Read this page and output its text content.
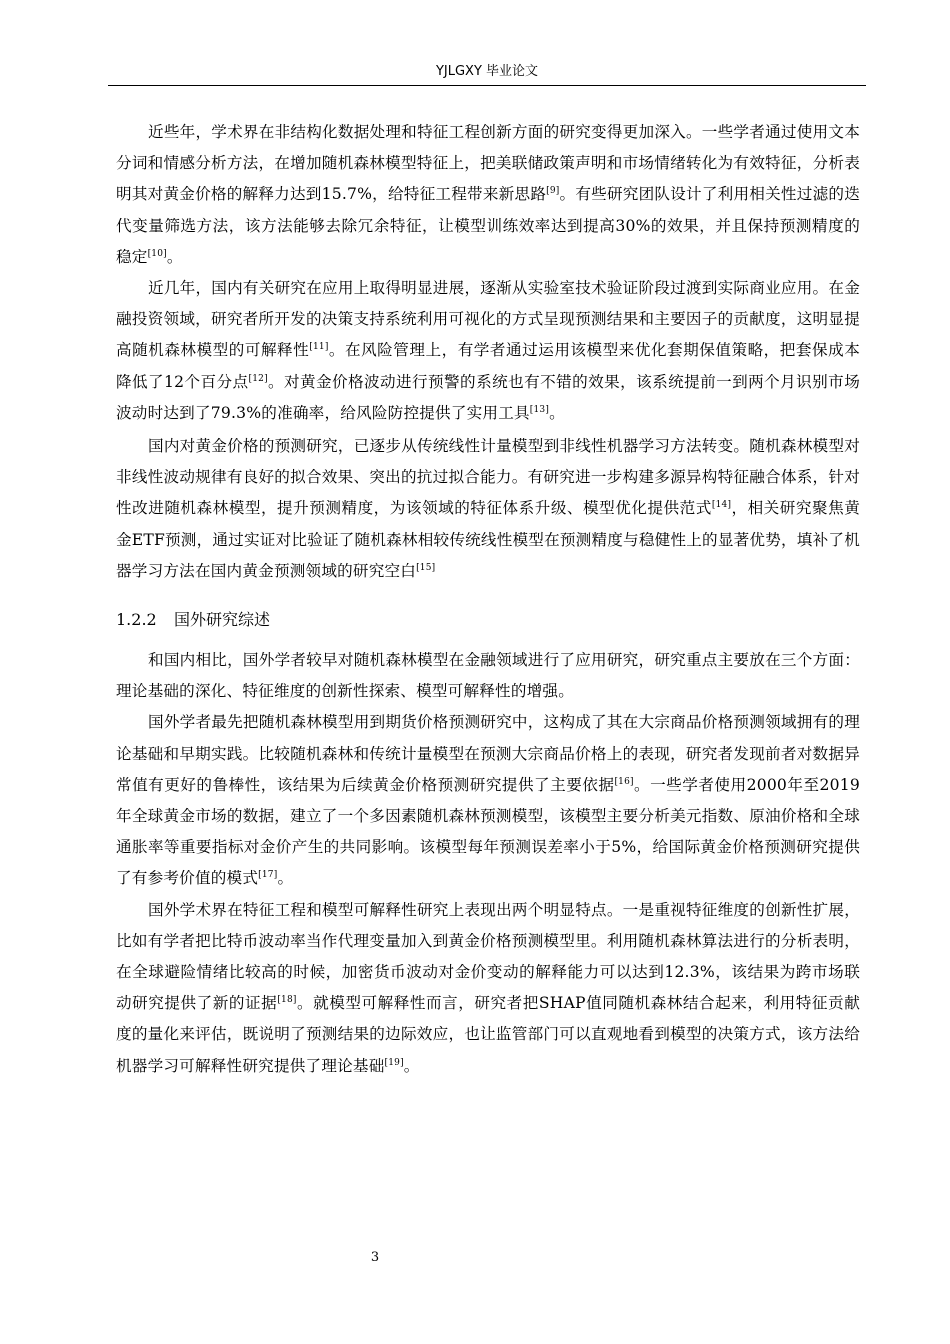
YJLGXY 毕业论文

近些年，学术界在非结构化数据处理和特征工程创新方面的研究变得更加深入。一些学者通过使用文本分词和情感分析方法，在增加随机森林模型特征上，把美联储政策声明和市场情绪转化为有效特征，分析表明其对黄金价格的解释力达到15.7%，给特征工程带来新思路[9]。有些研究团队设计了利用相关性过滤的迭代变量筛选方法，该方法能够去除冗余特征，让模型训练效率达到提高30%的效果，并且保持预测精度的稳定[10]。

近几年，国内有关研究在应用上取得明显进展，逐渐从实验室技术验证阶段过渡到实际商业应用。在金融投资领域，研究者所开发的决策支持系统利用可视化的方式呈现预测结果和主要因子的贡献度，这明显提高随机森林模型的可解释性[11]。在风险管理上，有学者通过运用该模型来优化套期保值策略，把套保成本降低了12个百分点[12]。对黄金价格波动进行预警的系统也有不错的效果，该系统提前一到两个月识别市场波动时达到了79.3%的准确率，给风险防控提供了实用工具[13]。

国内对黄金价格的预测研究，已逐步从传统线性计量模型到非线性机器学习方法转变。随机森林模型对非线性波动规律有良好的拟合效果、突出的抗过拟合能力。有研究进一步构建多源异构特征融合体系，针对性改进随机森林模型，提升预测精度，为该领域的特征体系升级、模型优化提供范式[14]，相关研究聚焦黄金ETF预测，通过实证对比验证了随机森林相较传统线性模型在预测精度与稳健性上的显著优势，填补了机器学习方法在国内黄金预测领域的研究空白[15]

1.2.2 国外研究综述

和国内相比，国外学者较早对随机森林模型在金融领域进行了应用研究，研究重点主要放在三个方面：理论基础的深化、特征维度的创新性探索、模型可解释性的增强。

国外学者最先把随机森林模型用到期货价格预测研究中，这构成了其在大宗商品价格预测领域拥有的理论基础和早期实践。比较随机森林和传统计量模型在预测大宗商品价格上的表现，研究者发现前者对数据异常值有更好的鲁棒性，该结果为后续黄金价格预测研究提供了主要依据[16]。一些学者使用2000年至2019年全球黄金市场的数据，建立了一个多因素随机森林预测模型，该模型主要分析美元指数、原油价格和全球通胀率等重要指标对金价产生的共同影响。该模型每年预测误差率小于5%，给国际黄金价格预测研究提供了有参考价值的模式[17]。

国外学术界在特征工程和模型可解释性研究上表现出两个明显特点。一是重视特征维度的创新性扩展，比如有学者把比特币波动率当作代理变量加入到黄金价格预测模型里。利用随机森林算法进行的分析表明，在全球避险情绪比较高的时候，加密货币波动对金价变动的解释能力可以达到12.3%，该结果为跨市场联动研究提供了新的证据[18]。就模型可解释性而言，研究者把SHAP值同随机森林结合起来，利用特征贡献度的量化来评估，既说明了预测结果的边际效应，也让监管部门可以直观地看到模型的决策方式，该方法给机器学习可解释性研究提供了理论基础[19]。

3
